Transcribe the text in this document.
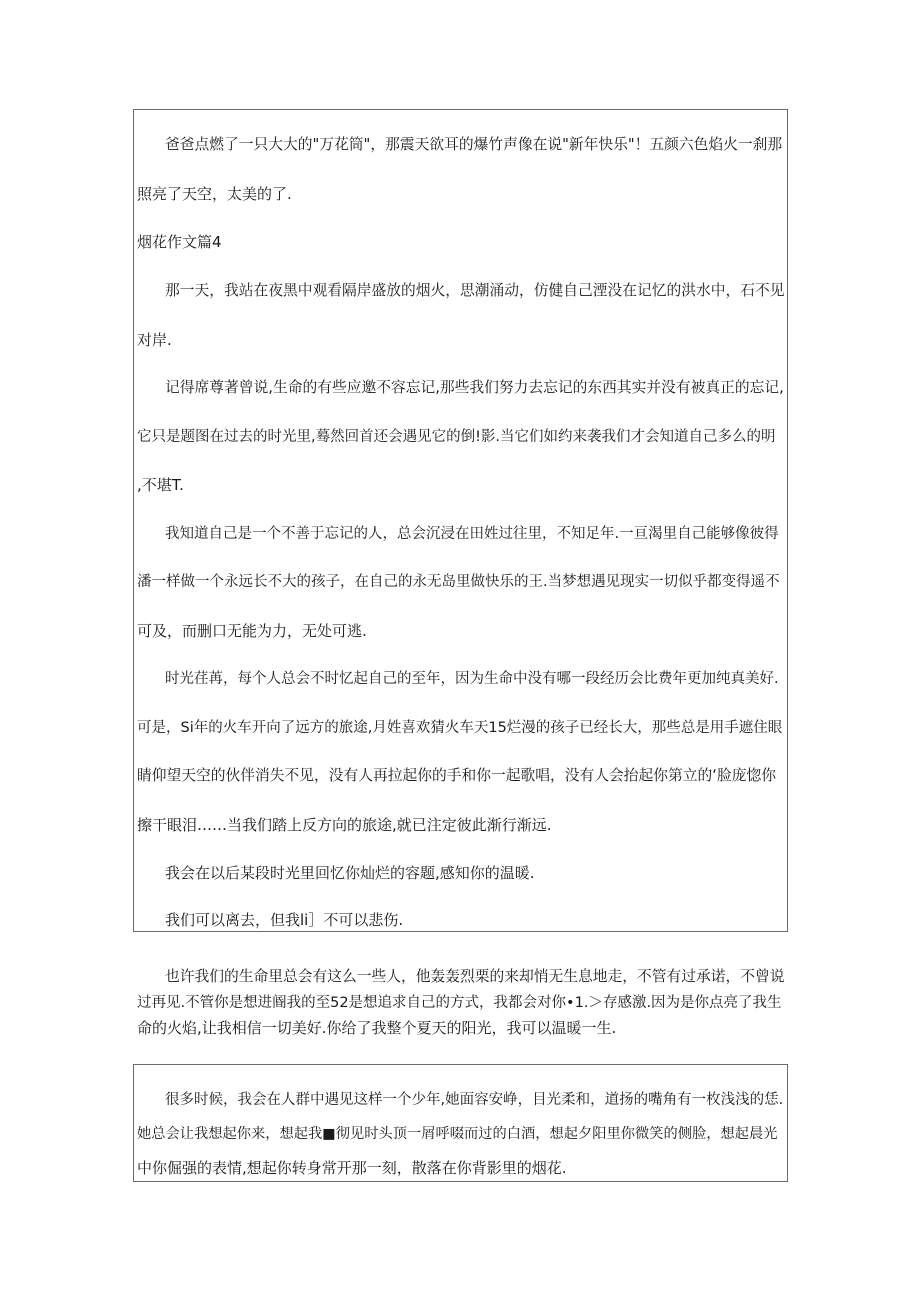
爸爸点燃了一只大大的"万花筒"，那震天欲耳的爆竹声像在说"新年快乐"！五颜六色焰火一刹那
照亮了天空，太美的了.
烟花作文篇4
那一天，我站在夜黑中观看隔岸盛放的烟火，思潮涌动，仿健自己湮没在记忆的洪水中，石不见
对岸.
记得席尊著曾说,生命的有些应邀不容忘记,那些我们努力去忘记的东西其实并没有被真正的忘记,
它只是题图在过去的时光里,蓦然回首还会遇见它的倒!影.当它们如约来袭我们才会知道自己多么的明
,不堪T.
我知道自己是一个不善于忘记的人，总会沉浸在田姓过往里，不知足年.一亘渴里自己能够像彼得
潘一样做一个永远长不大的孩子，在自己的永无岛里做快乐的王.当梦想遇见现实一切似乎都变得遥不
可及，而删口无能为力，无处可逃.
时光荏苒，每个人总会不时忆起自己的至年，因为生命中没有哪一段经历会比费年更加纯真美好.
可是，Si年的火车开向了远方的旅途,月姓喜欢猜火车天15烂漫的孩子已经长大，那些总是用手遮住眼
睛仰望天空的伙伴消失不见，没有人再拉起你的手和你一起歌唱，没有人会抬起你第立的‘脸庞惚你
擦干眼泪……当我们踏上反方向的旅途,就已注定彼此渐行渐远.
我会在以后某段时光里回忆你灿烂的容题,感知你的温暖.
我们可以离去，但我li］不可以悲伤.
也许我们的生命里总会有这么一些人，他轰轰烈栗的来却悄无生息地走，不管有过承诺，不曾说
过再见.不管你是想进阍我的至52是想追求自己的方式，我都会对你•1.＞存感激.因为是你点亮了我生
命的火焰,让我相信一切美好.你给了我整个夏天的阳光，我可以温暖一生.
很多时候，我会在人群中遇见这样一个少年,她面容安峥，目光柔和，道扬的嘴角有一枚浅浅的恁.
她总会让我想起你来，想起我■彻见时头顶一屑呼啜而过的白酒，想起夕阳里你微笑的侧脸，想起晨光
中你倔强的表情,想起你转身常开那一刻，散落在你背影里的烟花.
